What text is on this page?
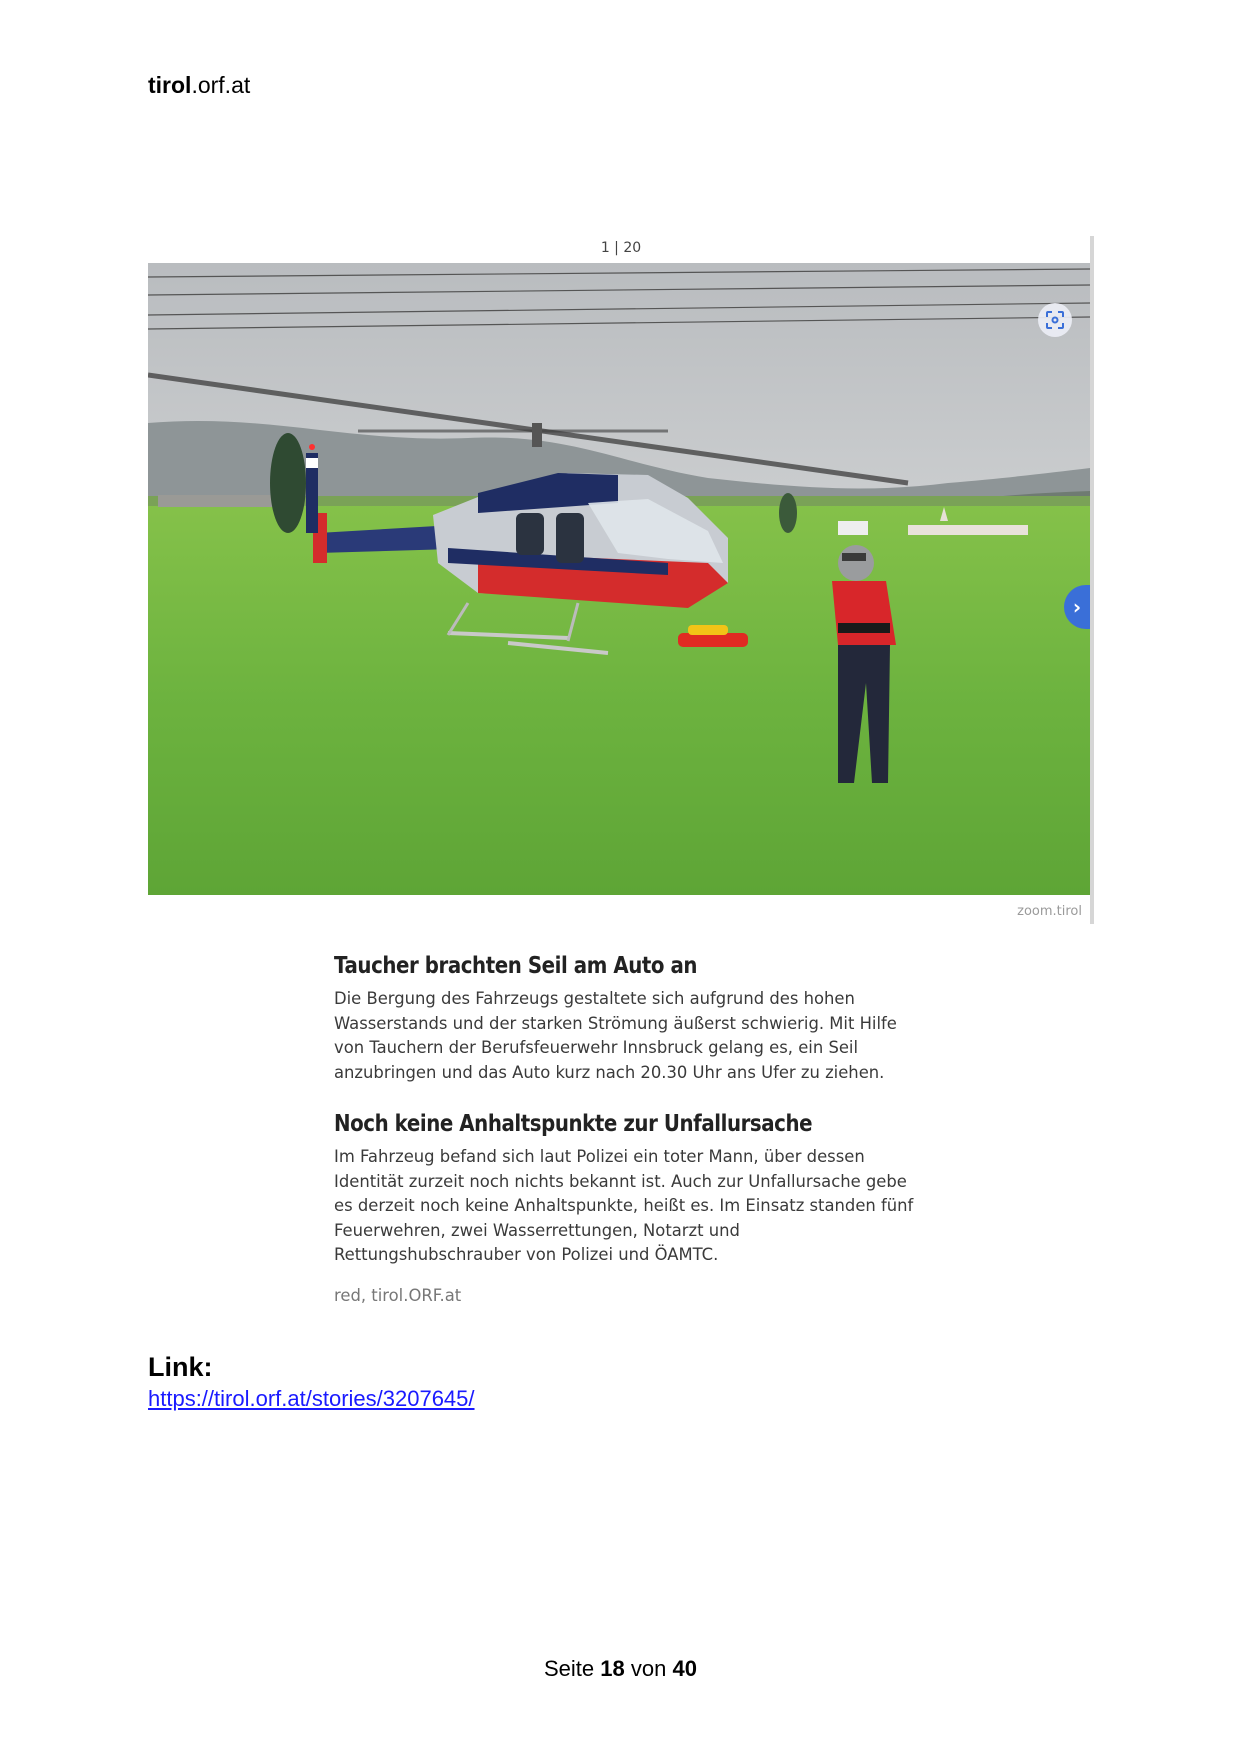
tirol.orf.at
1 | 20
›
zoom.tirol
Taucher brachten Seil am Auto an

Die Bergung des Fahrzeugs gestaltete sich aufgrund des hohen Wasserstands und der starken Strömung äußerst schwierig. Mit Hilfe von Tauchern der Berufsfeuerwehr Innsbruck gelang es, ein Seil anzubringen und das Auto kurz nach 20.30 Uhr ans Ufer zu ziehen.

Noch keine Anhaltspunkte zur Unfallursache

Im Fahrzeug befand sich laut Polizei ein toter Mann, über dessen Identität zurzeit noch nichts bekannt ist. Auch zur Unfallursache gebe es derzeit noch keine Anhaltspunkte, heißt es. Im Einsatz standen fünf Feuerwehren, zwei Wasserrettungen, Notarzt und Rettungshubschrauber von Polizei und ÖAMTC.

red, tirol.ORF.at
Link:
https://tirol.orf.at/stories/3207645/
Seite 18 von 40
